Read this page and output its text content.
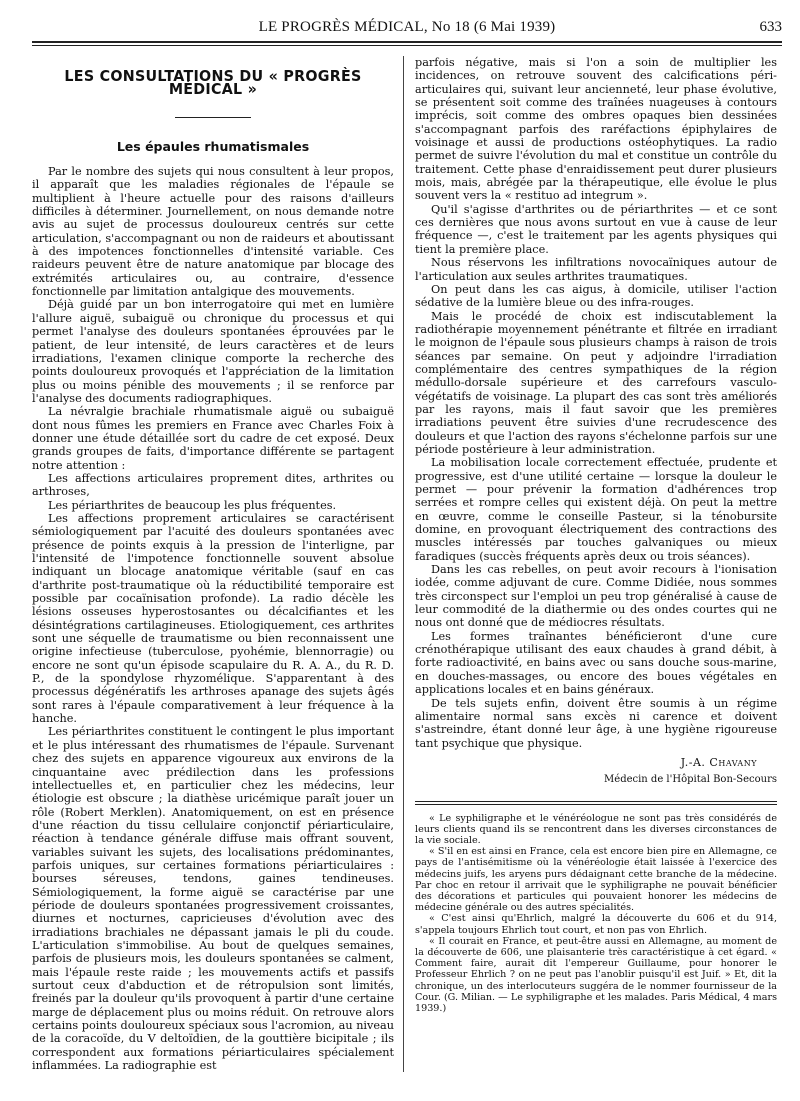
LE PROGRÈS MÉDICAL, No 18 (6 Mai 1939)	633
LES CONSULTATIONS DU « PROGRÈS MÉDICAL »
Les épaules rhumatismales

Par le nombre des sujets qui nous consultent à leur propos, il apparaît que les maladies régionales de l'épaule se multiplient à l'heure actuelle pour des raisons d'ailleurs difficiles à déterminer. Journellement, on nous demande notre avis au sujet de processus douloureux centrés sur cette articulation, s'accompagnant ou non de raideurs et aboutissant à des impotences fonctionnelles d'intensité variable. Ces raideurs peuvent être de nature anatomique par blocage des extrémités articulaires ou, au contraire, d'essence fonctionnelle par limitation antalgique des mouvements.

Déjà guidé par un bon interrogatoire qui met en lumière l'allure aiguë, subaiguë ou chronique du processus et qui permet l'analyse des douleurs spontanées éprouvées par le patient, de leur intensité, de leurs caractères et de leurs irradiations, l'examen clinique comporte la recherche des points douloureux provoqués et l'appréciation de la limitation plus ou moins pénible des mouvements ; il se renforce par l'analyse des documents radiographiques.

La névralgie brachiale rhumatismale aiguë ou subaiguë dont nous fûmes les premiers en France avec Charles Foix à donner une étude détaillée sort du cadre de cet exposé. Deux grands groupes de faits, d'importance différente se partagent notre attention :

Les affections articulaires proprement dites, arthrites ou arthroses,

Les périarthrites de beaucoup les plus fréquentes.

Les affections proprement articulaires se caractérisent sémiologiquement par l'acuité des douleurs spontanées avec présence de points exquis à la pression de l'interligne, par l'intensité de l'impotence fonctionnelle souvent absolue indiquant un blocage anatomique véritable (sauf en cas d'arthrite post-traumatique où la réductibilité temporaire est possible par cocaïnisation profonde). La radio décèle les lésions osseuses hyperostosantes ou décalcifiantes et les désintégrations cartilagineuses. Etiologiquement, ces arthrites sont une séquelle de traumatisme ou bien reconnaissent une origine infectieuse (tuberculose, pyohémie, blennorragie) ou encore ne sont qu'un épisode scapulaire du R. A. A., du R. D. P., de la spondylose rhyzomélique. S'apparentant à des processus dégénératifs les arthroses apanage des sujets âgés sont rares à l'épaule comparativement à leur fréquence à la hanche.

Les périarthrites constituent le contingent le plus important et le plus intéressant des rhumatismes de l'épaule. Survenant chez des sujets en apparence vigoureux aux environs de la cinquantaine avec prédilection dans les professions intellectuelles et, en particulier chez les médecins, leur étiologie est obscure ; la diathèse uricémique paraît jouer un rôle (Robert Merklen). Anatomiquement, on est en présence d'une réaction du tissu cellulaire conjonctif périarticulaire, réaction à tendance générale diffuse mais offrant souvent, variables suivant les sujets, des localisations prédominantes, parfois uniques, sur certaines formations périarticulaires : bourses séreuses, tendons, gaines tendineuses. Sémiologiquement, la forme aiguë se caractérise par une période de douleurs spontanées progressivement croissantes, diurnes et nocturnes, capricieuses d'évolution avec des irradiations brachiales ne dépassant jamais le pli du coude. L'articulation s'immobilise. Au bout de quelques semaines, parfois de plusieurs mois, les douleurs spontanées se calment, mais l'épaule reste raide ; les mouvements actifs et passifs surtout ceux d'abduction et de rétropulsion sont limités, freinés par la douleur qu'ils provoquent à partir d'une certaine marge de déplacement plus ou moins réduit. On retrouve alors certains points douloureux spéciaux sous l'acromion, au niveau de la coracoïde, du V deltoïdien, de la gouttière bicipitale ; ils correspondent aux formations périarticulaires spécialement inflammées. La radiographie est

parfois négative, mais si l'on a soin de multiplier les incidences, on retrouve souvent des calcifications péri-articulaires qui, suivant leur ancienneté, leur phase évolutive, se présentent soit comme des traînées nuageuses à contours imprécis, soit comme des ombres opaques bien dessinées s'accompagnant parfois des raréfactions épiphylaires de voisinage et aussi de productions ostéophytiques. La radio permet de suivre l'évolution du mal et constitue un contrôle du traitement. Cette phase d'enraidissement peut durer plusieurs mois, mais, abrégée par la thérapeutique, elle évolue le plus souvent vers la « restituo ad integrum ».

Qu'il s'agisse d'arthrites ou de périarthrites — et ce sont ces dernières que nous avons surtout en vue à cause de leur fréquence —, c'est le traitement par les agents physiques qui tient la première place.

Nous réservons les infiltrations novocaïniques autour de l'articulation aux seules arthrites traumatiques.

On peut dans les cas aigus, à domicile, utiliser l'action sédative de la lumière bleue ou des infra-rouges.

Mais le procédé de choix est indiscutablement la radiothérapie moyennement pénétrante et filtrée en irradiant le moignon de l'épaule sous plusieurs champs à raison de trois séances par semaine. On peut y adjoindre l'irradiation complémentaire des centres sympathiques de la région médullo-dorsale supérieure et des carrefours vasculo-végétatifs de voisinage. La plupart des cas sont très améliorés par les rayons, mais il faut savoir que les premières irradiations peuvent être suivies d'une recrudescence des douleurs et que l'action des rayons s'échelonne parfois sur une période postérieure à leur administration.

La mobilisation locale correctement effectuée, prudente et progressive, est d'une utilité certaine — lorsque la douleur le permet — pour prévenir la formation d'adhérences trop serrées et rompre celles qui existent déjà. On peut la mettre en œuvre, comme le conseille Pasteur, si la ténobursite domine, en provoquant électriquement des contractions des muscles intéressés par touches galvaniques ou mieux faradiques (succès fréquents après deux ou trois séances).

Dans les cas rebelles, on peut avoir recours à l'ionisation iodée, comme adjuvant de cure. Comme Didiée, nous sommes très circonspect sur l'emploi un peu trop généralisé à cause de leur commodité de la diathermie ou des ondes courtes qui ne nous ont donné que de médiocres résultats.

Les formes traînantes bénéficieront d'une cure crénothérapique utilisant des eaux chaudes à grand débit, à forte radioactivité, en bains avec ou sans douche sous-marine, en douches-massages, ou encore des boues végétales en applications locales et en bains généraux.

De tels sujets enfin, doivent être soumis à un régime alimentaire normal sans excès ni carence et doivent s'astreindre, étant donné leur âge, à une hygiène rigoureuse tant psychique que physique.

J.-A. Chavany
Médecin de l'Hôpital Bon-Secours

« Le syphiligraphe et le vénéréologue ne sont pas très considérés de leurs clients quand ils se rencontrent dans les diverses circonstances de la vie sociale.

« S'il en est ainsi en France, cela est encore bien pire en Allemagne, ce pays de l'antisémitisme où la vénéréologie était laissée à l'exercice des médecins juifs, les aryens purs dédaignant cette branche de la médecine. Par choc en retour il arrivait que le syphiligraphe ne pouvait bénéficier des décorations et particules qui pouvaient honorer les médecins de médecine générale ou des autres spécialités.

« C'est ainsi qu'Ehrlich, malgré la découverte du 606 et du 914, s'appela toujours Ehrlich tout court, et non pas von Ehrlich.

« Il courait en France, et peut-être aussi en Allemagne, au moment de la découverte de 606, une plaisanterie très caractéristique à cet égard. « Comment faire, aurait dit l'empereur Guillaume, pour honorer le Professeur Ehrlich ? on ne peut pas l'anoblir puisqu'il est Juif. » Et, dit la chronique, un des interlocuteurs suggéra de le nommer fournisseur de la Cour. (G. Milian. — Le syphiligraphe et les malades. Paris Médical, 4 mars 1939.)
